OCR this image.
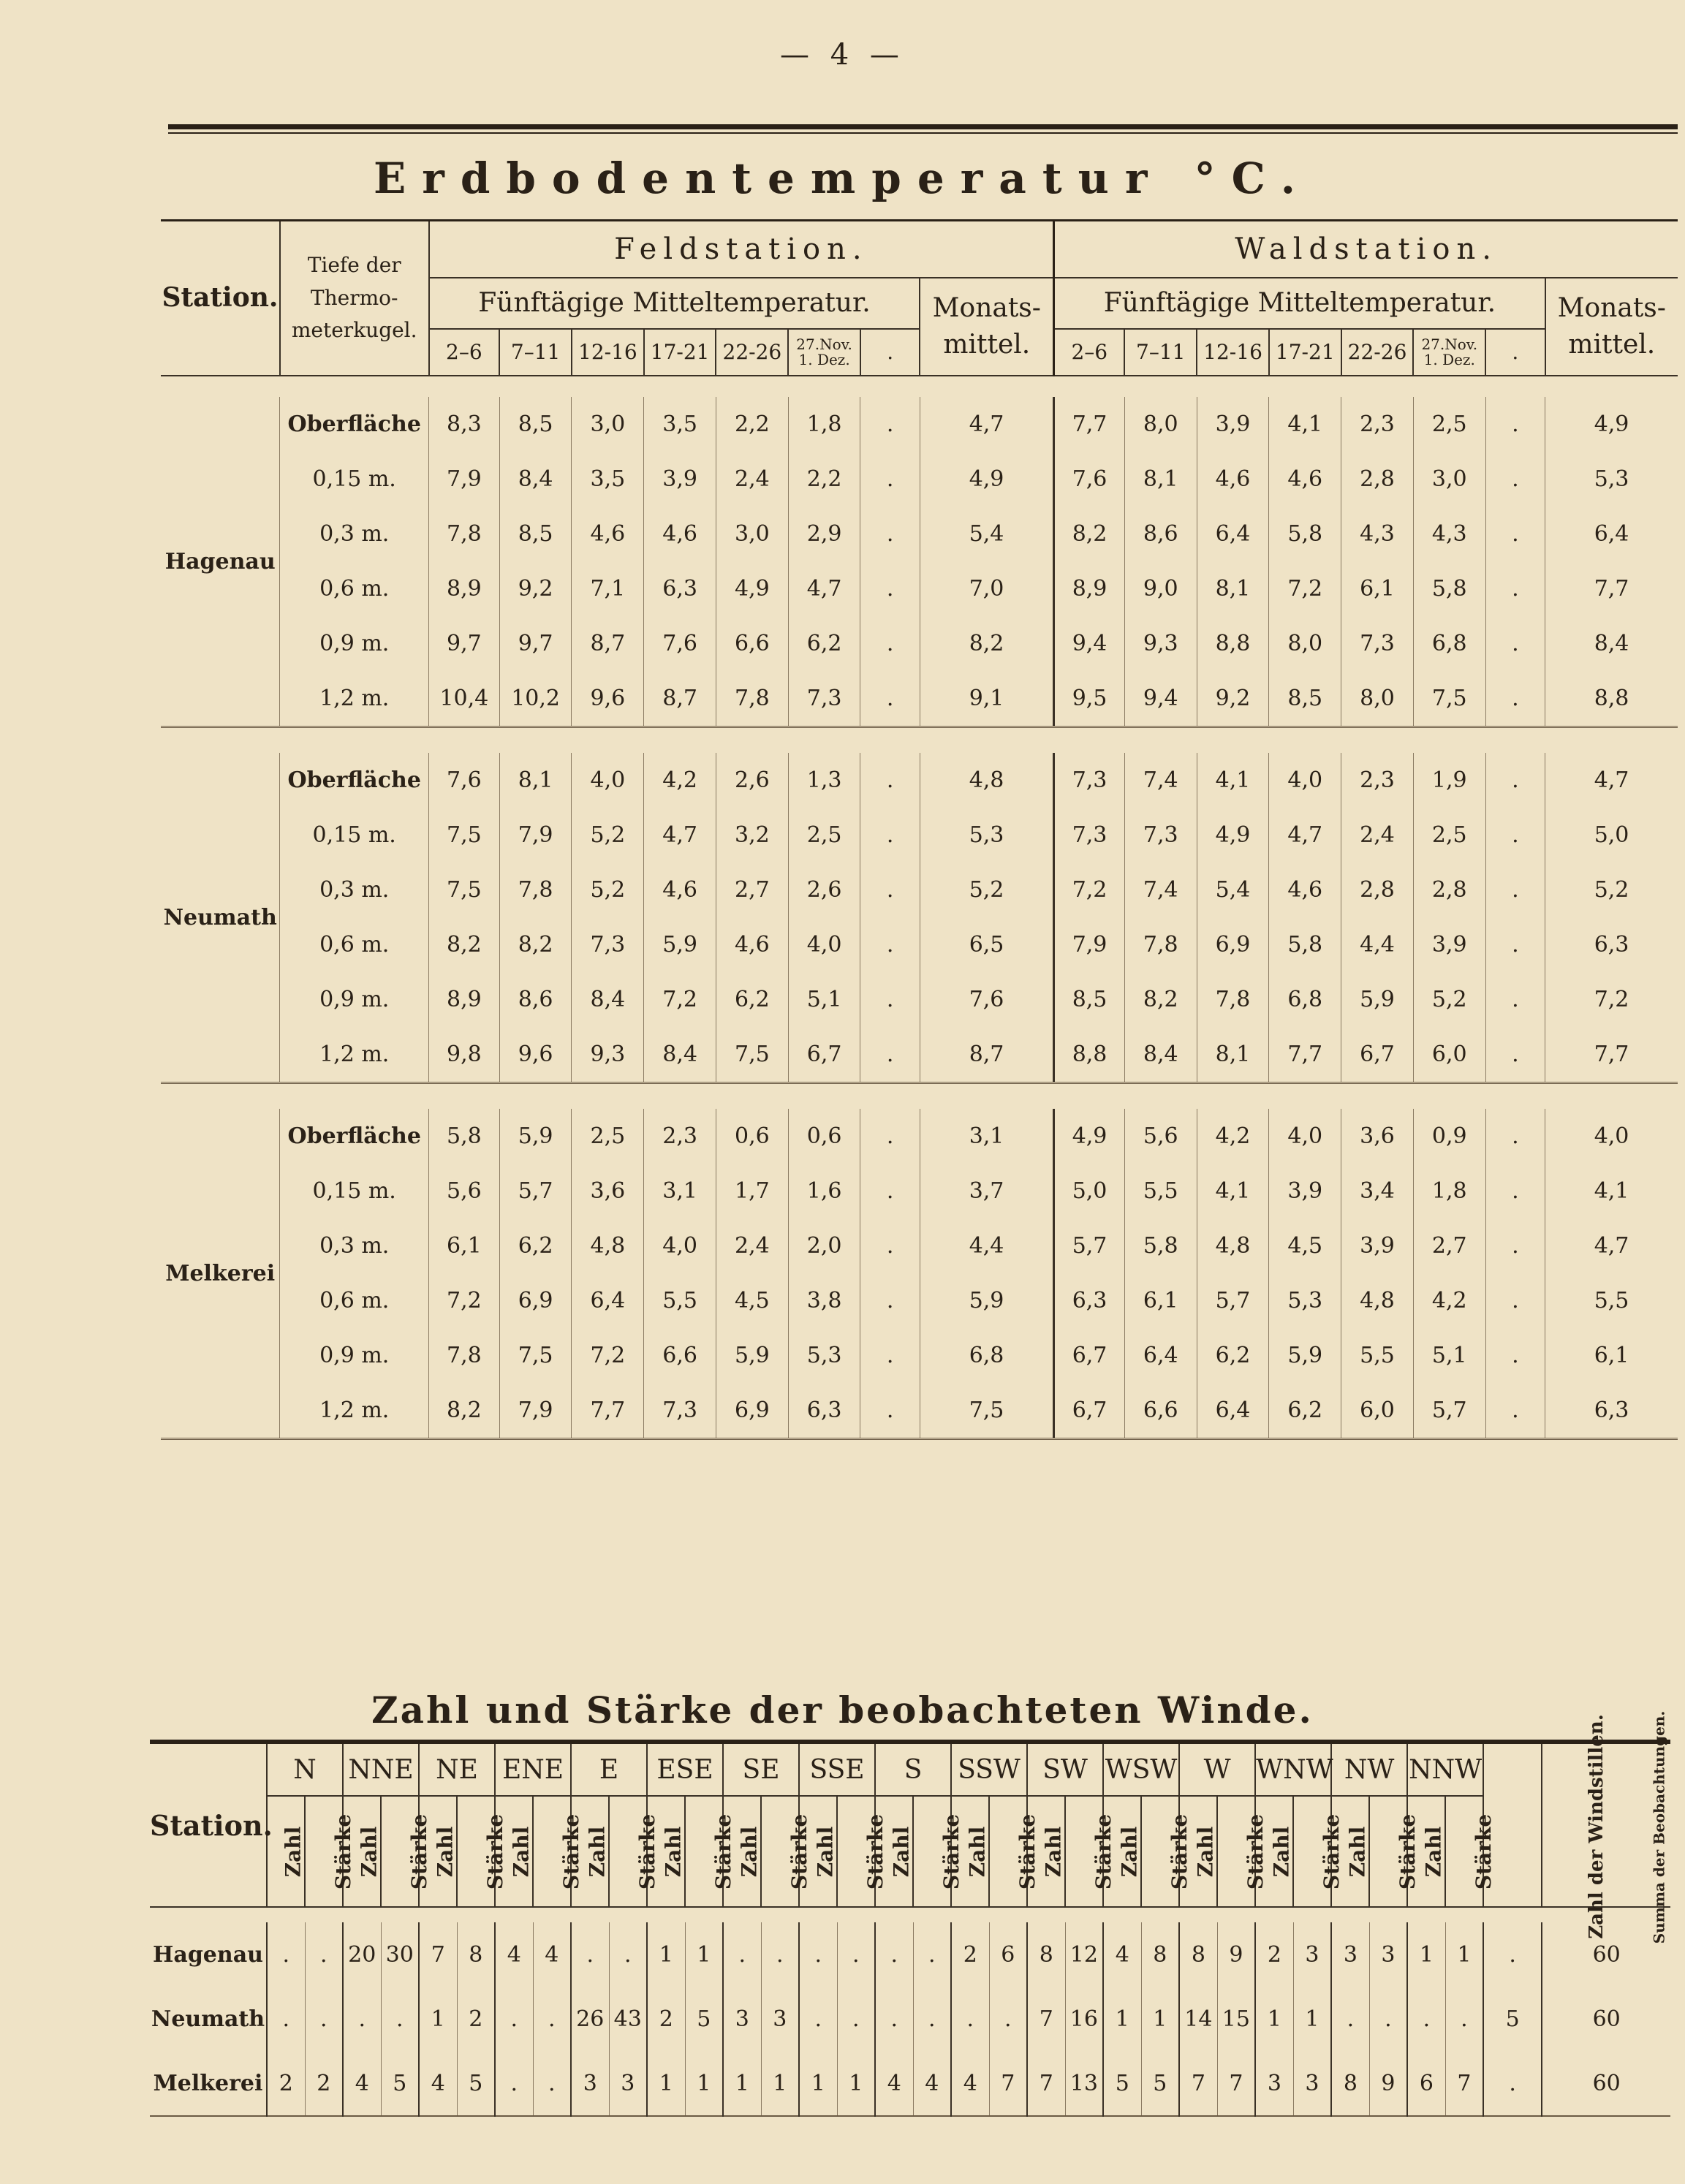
— 4 —
Erdbodentemperatur °C.
Station.	Tiefe der Thermo- meterkugel.	Feldstation.								Waldstation.							
		Fünftägige Mitteltemperatur.							Monats- mittel.	Fünftägige Mitteltemperatur.							Monats- mittel.
		2–6	7–11	12-16	17-21	22-26	27.Nov. 1. Dez.	.		2–6	7–11	12-16	17-21	22-26	27.Nov. 1. Dez.	.	

Hagenau	Oberfläche	8,3	8,5	3,0	3,5	2,2	1,8	.	4,7	7,7	8,0	3,9	4,1	2,3	2,5	.	4,9
	0,15 m.	7,9	8,4	3,5	3,9	2,4	2,2	.	4,9	7,6	8,1	4,6	4,6	2,8	3,0	.	5,3
	0,3 m.	7,8	8,5	4,6	4,6	3,0	2,9	.	5,4	8,2	8,6	6,4	5,8	4,3	4,3	.	6,4
	0,6 m.	8,9	9,2	7,1	6,3	4,9	4,7	.	7,0	8,9	9,0	8,1	7,2	6,1	5,8	.	7,7
	0,9 m.	9,7	9,7	8,7	7,6	6,6	6,2	.	8,2	9,4	9,3	8,8	8,0	7,3	6,8	.	8,4
	1,2 m.	10,4	10,2	9,6	8,7	7,8	7,3	.	9,1	9,5	9,4	9,2	8,5	8,0	7,5	.	8,8

Neumath	Oberfläche	7,6	8,1	4,0	4,2	2,6	1,3	.	4,8	7,3	7,4	4,1	4,0	2,3	1,9	.	4,7
	0,15 m.	7,5	7,9	5,2	4,7	3,2	2,5	.	5,3	7,3	7,3	4,9	4,7	2,4	2,5	.	5,0
	0,3 m.	7,5	7,8	5,2	4,6	2,7	2,6	.	5,2	7,2	7,4	5,4	4,6	2,8	2,8	.	5,2
	0,6 m.	8,2	8,2	7,3	5,9	4,6	4,0	.	6,5	7,9	7,8	6,9	5,8	4,4	3,9	.	6,3
	0,9 m.	8,9	8,6	8,4	7,2	6,2	5,1	.	7,6	8,5	8,2	7,8	6,8	5,9	5,2	.	7,2
	1,2 m.	9,8	9,6	9,3	8,4	7,5	6,7	.	8,7	8,8	8,4	8,1	7,7	6,7	6,0	.	7,7

Melkerei	Oberfläche	5,8	5,9	2,5	2,3	0,6	0,6	.	3,1	4,9	5,6	4,2	4,0	3,6	0,9	.	4,0
	0,15 m.	5,6	5,7	3,6	3,1	1,7	1,6	.	3,7	5,0	5,5	4,1	3,9	3,4	1,8	.	4,1
	0,3 m.	6,1	6,2	4,8	4,0	2,4	2,0	.	4,4	5,7	5,8	4,8	4,5	3,9	2,7	.	4,7
	0,6 m.	7,2	6,9	6,4	5,5	4,5	3,8	.	5,9	6,3	6,1	5,7	5,3	4,8	4,2	.	5,5
	0,9 m.	7,8	7,5	7,2	6,6	5,9	5,3	.	6,8	6,7	6,4	6,2	5,9	5,5	5,1	.	6,1
	1,2 m.	8,2	7,9	7,7	7,3	6,9	6,3	.	7,5	6,7	6,6	6,4	6,2	6,0	5,7	.	6,3

Zahl und Stärke der beobachteten Winde.
Station.	N		NNE		NE		ENE		E		ESE		SE		SSE		S		SSW		SW		WSW		W		WNW		NW		NNW		Zahl der Windstillen.	Summa der Beobachtungen.
	Zahl	Stärke	Zahl	Stärke	Zahl	Stärke	Zahl	Stärke	Zahl	Stärke	Zahl	Stärke	Zahl	Stärke	Zahl	Stärke	Zahl	Stärke	Zahl	Stärke	Zahl	Stärke	Zahl	Stärke	Zahl	Stärke	Zahl	Stärke	Zahl	Stärke	Zahl	Stärke		

Hagenau	.	.	20	30	7	8	4	4	.	.	1	1	.	.	.	.	.	.	2	6	8	12	4	8	8	9	2	3	3	3	1	1	.	60
Neumath	.	.	.	.	1	2	.	.	26	43	2	5	3	3	.	.	.	.	.	.	7	16	1	1	14	15	1	1	.	.	.	.	5	60
Melkerei	2	2	4	5	4	5	.	.	3	3	1	1	1	1	1	1	4	4	4	7	7	13	5	5	7	7	3	3	8	9	6	7	.	60
